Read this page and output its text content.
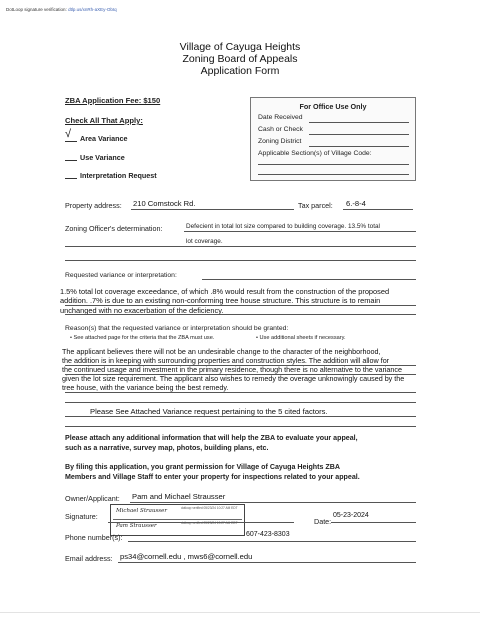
DotLoop signature verification: dtlp.us/xnRh-aXEy-ObIq
Village of Cayuga Heights
Zoning Board of Appeals
Application Form
ZBA Application Fee: $150
Check All That Apply:
√ Area Variance
Use Variance
Interpretation Request
For Office Use Only
Date Received
Cash or Check
Zoning District
Applicable Section(s) of Village Code:
Property address: 210 Comstock Rd.	Tax parcel: 6.-8-4
Zoning Officer's determination:	Defecient in total lot size compared to building coverage. 13.5% total
lot coverage.
Requested variance or interpretation:
1.5% total lot coverage exceedance, of which .8% would result from the construction of the proposed
addition. .7% is due to an existing non-conforming tree house structure. This structure is to remain
unchanged with no exacerbation of the deficiency.
Reason(s) that the requested variance or interpretation should be granted:
• See attached page for the criteria that the ZBA must use.	• Use additional sheets if necessary.
The applicant believes there will not be an undesirable change to the character of the neighborhood,
the addition is in keeping with surrounding properties and construction styles. The addition will allow for
the continued usage and investment in the primary residence, though there is no alternative to the variance
given the lot size requirement. The applicant also wishes to remedy the overage unknowingly caused by the
tree house, with the variance being the best remedy.
Please See Attached Variance request pertaining to the 5 cited factors.
Please attach any additional information that will help the ZBA to evaluate your appeal,
such as a narrative, survey map, photos, building plans, etc.
By filing this application, you grant permission for Village of Cayuga Heights ZBA
Members and Village Staff to enter your property for inspections related to your appeal.
Owner/Applicant: Pam and Michael Strausser
Signature:
Michael Strausser	dotloop verified 05/23/24 10:27 AM EDT
Pam Strausser	dotloop verified 05/23/24 10:27 AM EDT	Date:
05-23-2024
Phone number(s):	607-423-8303
Email address: ps34@cornell.edu , mws6@cornell.edu
